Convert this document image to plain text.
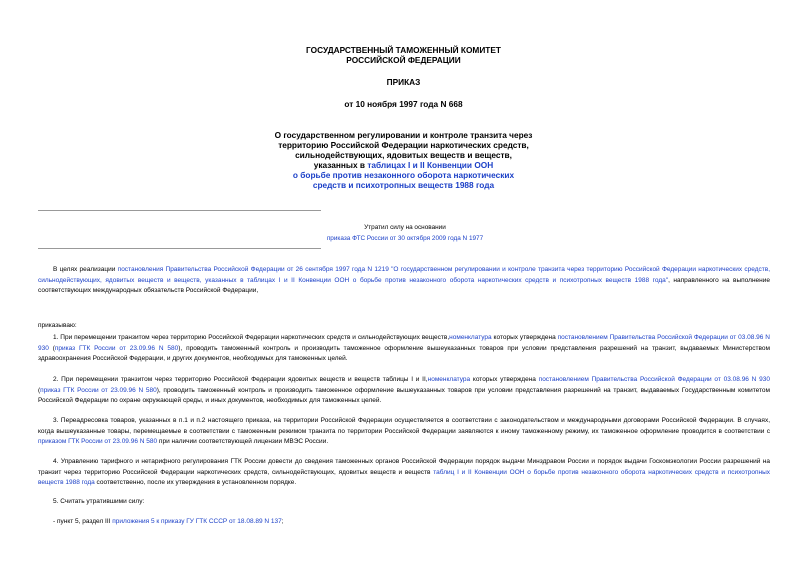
ГОСУДАРСТВЕННЫЙ ТАМОЖЕННЫЙ КОМИТЕТ
РОССИЙСКОЙ ФЕДЕРАЦИИ
ПРИКАЗ
от 10 ноября 1997 года N 668
О государственном регулировании и контроле транзита через
территорию Российской Федерации наркотических средств,
сильнодействующих, ядовитых веществ и веществ,
указанных в таблицах I и II Конвенции ООН
о борьбе против незаконного оборота наркотических
средств и психотропных веществ 1988 года
Утратил силу на основании
приказа ФТС России от 30 октября 2009 года N 1977
В целях реализации постановления Правительства Российской Федерации от 26 сентября 1997 года N 1219 "О государственном регулировании и контроле транзита через территорию Российской Федерации наркотических средств, сильнодействующих, ядовитых веществ и веществ, указанных в таблицах I и II Конвенции ООН о борьбе против незаконного оборота наркотических средств и психотропных веществ 1988 года", направленного на выполнение соответствующих международных обязательств Российской Федерации,
приказываю:
1. При перемещении транзитом через территорию Российской Федерации наркотических средств и сильнодействующих веществ,номенклатура которых утверждена постановлением Правительства Российской Федерации от 03.08.96 N 930 (приказ ГТК России от 23.09.96 N 580), проводить таможенный контроль и производить таможенное оформление вышеуказанных товаров при условии представления разрешений на транзит, выдаваемых Министерством здравоохранения Российской Федерации, и других документов, необходимых для таможенных целей.
2. При перемещении транзитом через территорию Российской Федерации ядовитых веществ и веществ таблицы I и II,номенклатура которых утверждена постановлением Правительства Российской Федерации от 03.08.96 N 930 (приказ ГТК России от 23.09.96 N 580), проводить таможенный контроль и производить таможенное оформление вышеуказанных товаров при условии представления разрешений на транзит, выдаваемых Государственным комитетом Российской Федерации по охране окружающей среды, и иных документов, необходимых для таможенных целей.
3. Переадресовка товаров, указанных в п.1 и п.2 настоящего приказа, на территории Российской Федерации осуществляется в соответствии с законодательством и международными договорами Российской Федерации. В случаях, когда вышеуказанные товары, перемещаемые в соответствии с таможенным режимом транзита по территории Российской Федерации заявляются к иному таможенному режиму, их таможенное оформление проводится в соответствии с приказом ГТК России от 23.09.96 N 580 при наличии соответствующей лицензии МВЭС России.
4. Управлению тарифного и нетарифного регулирования ГТК России довести до сведения таможенных органов Российской Федерации порядок выдачи Минздравом России и порядок выдачи Госкомэкологии России разрешений на транзит через территорию Российской Федерации наркотических средств, сильнодействующих, ядовитых веществ и веществ таблиц I и II Конвенции ООН о борьбе против незаконного оборота наркотических средств и психотропных веществ 1988 года соответственно, после их утверждения в установленном порядке.
5. Считать утратившими силу:
- пункт 5, раздел III приложения 5 к приказу ГУ ГТК СССР от 18.08.89 N 137;
